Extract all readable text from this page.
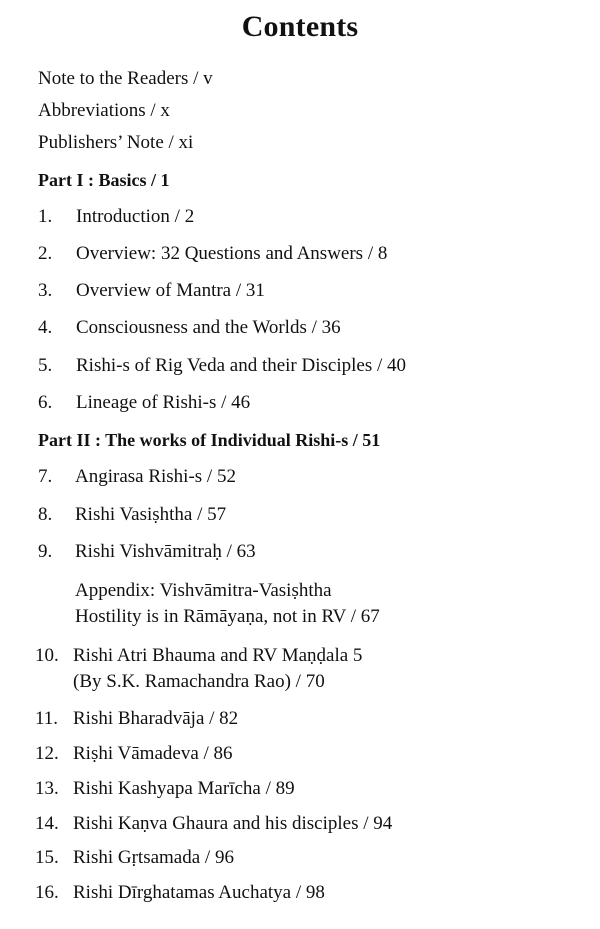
Contents
Note to the Readers / v
Abbreviations / x
Publishers’ Note / xi
Part I : Basics / 1
1. Introduction / 2
2. Overview: 32 Questions and Answers / 8
3. Overview of Mantra / 31
4. Consciousness and the Worlds / 36
5. Rishi-s of Rig Veda and their Disciples / 40
6. Lineage of Rishi-s / 46
Part II : The works of Individual Rishi-s / 51
7. Angirasa Rishi-s / 52
8. Rishi Vasiṣhtha / 57
9. Rishi Vishvāmitraḥ / 63
Appendix: Vishvāmitra-Vasiṣhtha
Hostility is in Rāmāyaṇa, not in RV / 67
10. Rishi Atri Bhauma and RV Maṇḍala 5
(By S.K. Ramachandra Rao) / 70
11. Rishi Bharadvāja / 82
12. Riṣhi Vāmadeva / 86
13. Rishi Kashyapa Marīcha / 89
14. Rishi Kaṇva Ghaura and his disciples / 94
15. Rishi Gṛtsamada / 96
16. Rishi Dīrghatamas Auchatya / 98
